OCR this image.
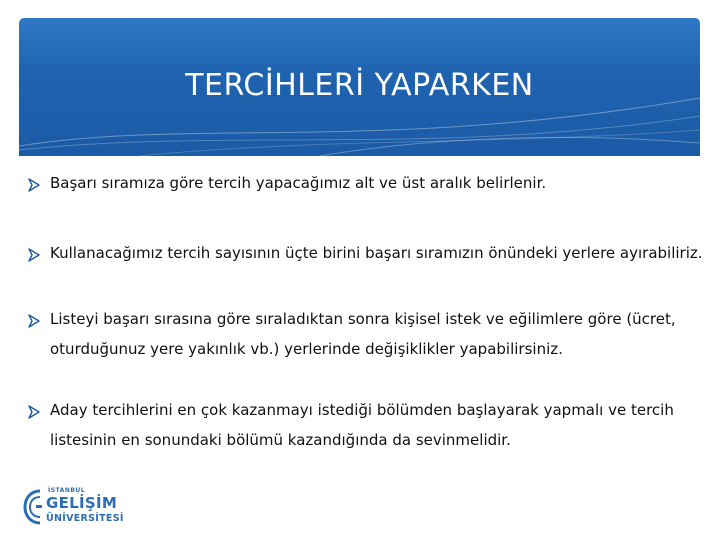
TERCİHLERİ YAPARKEN
Başarı sıramıza göre tercih yapacağımız alt ve üst aralık belirlenir.
Kullanacağımız tercih sayısının üçte birini başarı sıramızın önündeki yerlere ayırabiliriz.
Listeyi başarı sırasına göre sıraladıktan sonra kişisel istek ve eğilimlere göre (ücret,
oturduğunuz yere yakınlık vb.) yerlerinde değişiklikler yapabilirsiniz.
Aday tercihlerini en çok kazanmayı istediği bölümden başlayarak yapmalı ve tercih
listesinin en sonundaki bölümü kazandığında da sevinmelidir.
İSTANBUL
GELİŞİM
ÜNİVERSİTESİ
